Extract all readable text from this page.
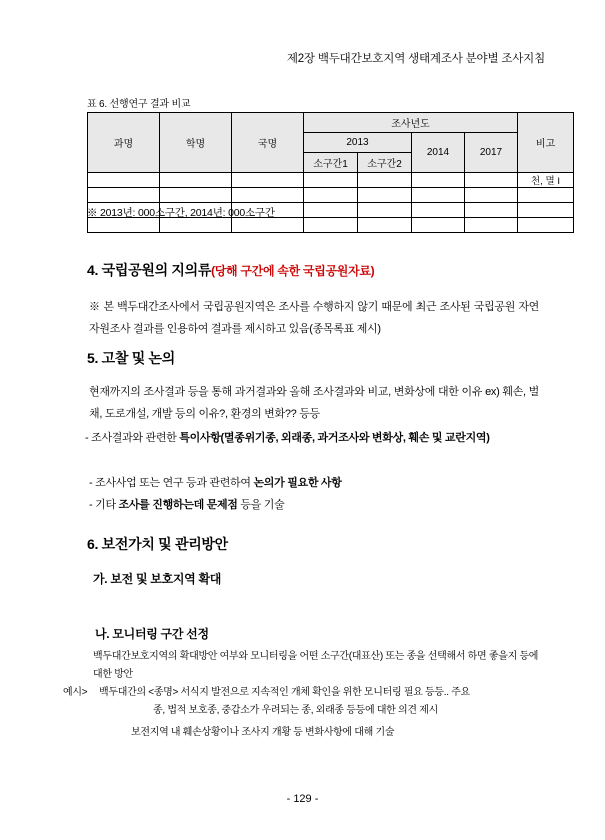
제2장 백두대간보호지역 생태계조사 분야별 조사지침
표 6. 선행연구 결과 비교
과명	학명	국명	조사년도				비고
			2013		2014	2017	
			소구간1	소구간2			
							천, 멸 I

※ 2013년: 000소구간, 2014년: 000소구간
4. 국립공원의 지의류(당해 구간에 속한 국립공원자료)
※ 본 백두대간조사에서 국립공원지역은 조사를 수행하지 않기 때문에 최근 조사된 국립공원 자연자원조사 결과를 인용하여 결과를 제시하고 있음(종목록표 제시)
5. 고찰 및 논의
현재까지의 조사결과 등을 통해 과거결과와 올해 조사결과와 비교, 변화상에 대한 이유 ex) 훼손, 벌채, 도로개설, 개발 등의 이유?, 환경의 변화?? 등등
- 조사결과와 관련한 특이사항(멸종위기종, 외래종, 과거조사와 변화상, 훼손 및 교란지역)
- 조사사업 또는 연구 등과 관련하여 논의가 필요한 사항
- 기타 조사를 진행하는데 문제점 등을 기술
6. 보전가치 및 관리방안
가. 보전 및 보호지역 확대
나. 모니터링 구간 선정
백두대간보호지역의 확대방안 여부와 모니터링을 어떤 소구간(대표산) 또는 종을 선택해서 하면 좋을지 등에 대한 방안
예시> 백두대간의 <종명> 서식지 발전으로 지속적인 개체 확인을 위한 모니터링 필요 등등.. 주요
종, 법적 보호종, 중갑소가 우려되는 종, 외래종 등등에 대한 의견 제시
보전지역 내 훼손상황이나 조사지 개황 등 변화사항에 대해 기술
- 129 -
